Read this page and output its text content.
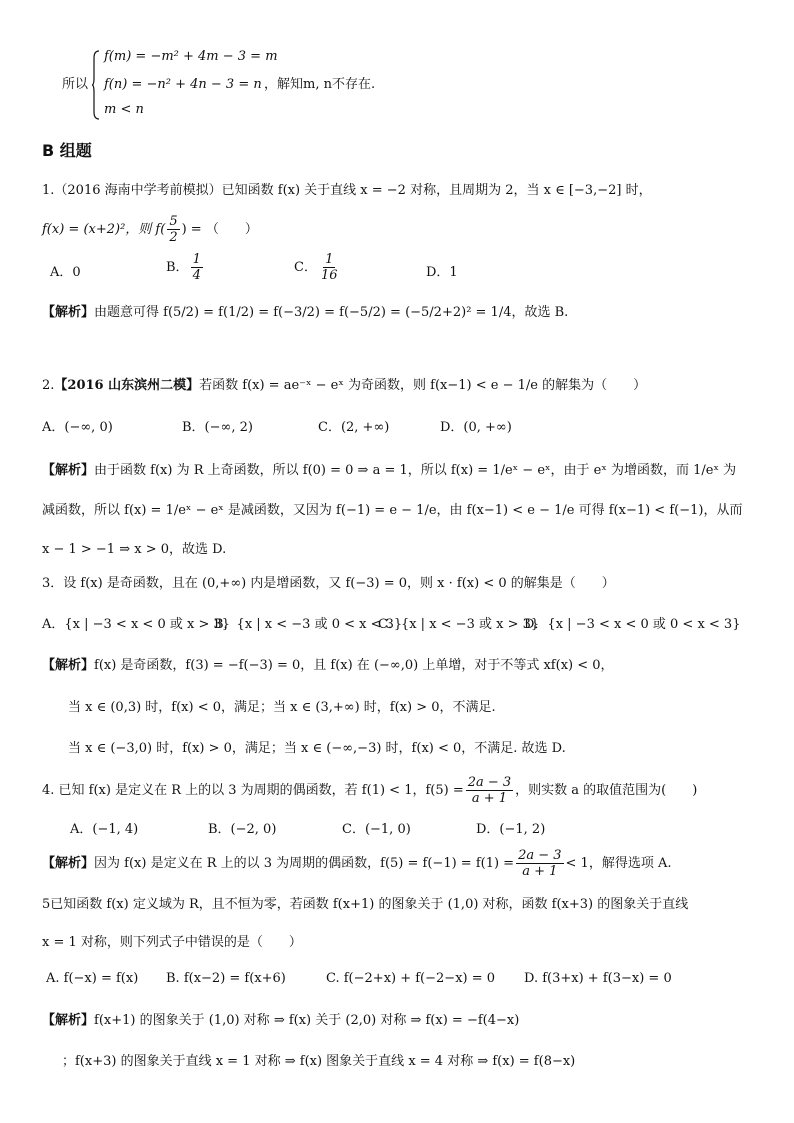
所以
f(m) = −m² + 4m − 3 = m
f(n) = −n² + 4n − 3 = n
m < n
，解知m, n不存在.
B 组题
1.（2016 海南中学考前模拟）已知函数 f(x) 关于直线 x = −2 对称，且周期为 2，当 x ∈ [−3,−2] 时，
f(x) = (x+2)²，则 $f( \frac{5}{2}$ ) = （　　）
A．0	B． $\frac{1}{4}$	C． $\frac{1}{16}$	D．1
【解析】由题意可得 f(5/2) = f(1/2) = f(−3/2) = f(−5/2) = (−5/2+2)² = 1/4，故选 B.
2.【2016 山东滨州二模】若函数 f(x) = ae⁻ˣ − eˣ 为奇函数，则 f(x−1) < e − 1/e 的解集为（　　）
A．(−∞, 0)	B．(−∞, 2)	C．(2, +∞)	D．(0, +∞)
【解析】由于函数 f(x) 为 R 上奇函数，所以 f(0) = 0 ⇒ a = 1，所以 f(x) = 1/eˣ − eˣ，由于 eˣ 为增函数，而 1/eˣ 为
减函数，所以 f(x) = 1/eˣ − eˣ 是减函数，又因为 f(−1) = e − 1/e，由 f(x−1) < e − 1/e 可得 f(x−1) < f(−1)，从而
x − 1 > −1 ⇒ x > 0，故选 D.
3．设 f(x) 是奇函数，且在 (0,+∞) 内是增函数，又 f(−3) = 0，则 x · f(x) < 0 的解集是（　　）
A．{x | −3 < x < 0 或 x > 3}
B．{x | x < −3 或 0 < x < 3}
C．{x | x < −3 或 x > 3}
D．{x | −3 < x < 0 或 0 < x < 3}
【解析】f(x) 是奇函数，f(3) = −f(−3) = 0，且 f(x) 在 (−∞,0) 上单增，对于不等式 xf(x) < 0，
当 x ∈ (0,3) 时，f(x) < 0，满足；当 x ∈ (3,+∞) 时，f(x) > 0，不满足.
当 x ∈ (−3,0) 时，f(x) > 0，满足；当 x ∈ (−∞,−3) 时，f(x) < 0，不满足. 故选 D.
4. 已知 f(x) 是定义在 R 上的以 3 为周期的偶函数，若 f(1) < 1，$f(5) = \frac{2a - 3}{a + 1}$ ，则实数 a 的取值范围为(　　)
A．(−1, 4)	B．(−2, 0)	C．(−1, 0)	D．(−1, 2)
【解析】因为 f(x) 是定义在 R 上的以 3 为周期的偶函数，$f(5) = f(-1) = f(1) = \frac{2a - 3}{a + 1} < 1$，解得选项 A.
5已知函数 f(x) 定义域为 R，且不恒为零，若函数 f(x+1) 的图象关于 (1,0) 对称，函数 f(x+3) 的图象关于直线
x = 1 对称，则下列式子中错误的是（　　）
A. f(−x) = f(x) B. f(x−2) = f(x+6)	C. f(−2+x) + f(−2−x) = 0 D. f(3+x) + f(3−x) = 0
【解析】f(x+1) 的图象关于 (1,0) 对称 ⇒ f(x) 关于 (2,0) 对称 ⇒ f(x) = −f(4−x)
；f(x+3) 的图象关于直线 x = 1 对称 ⇒ f(x) 图象关于直线 x = 4 对称 ⇒ f(x) = f(8−x)
